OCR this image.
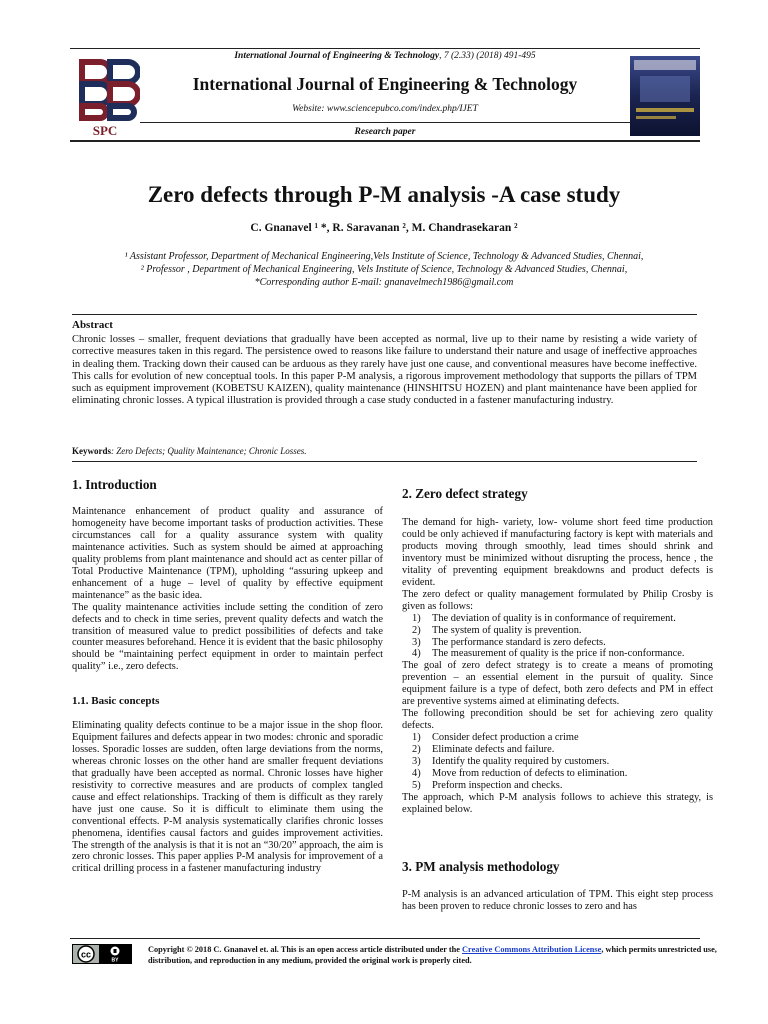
International Journal of Engineering & Technology, 7 (2.33) (2018) 491-495
SPC
International Journal of Engineering & Technology
Website: www.sciencepubco.com/index.php/IJET
Research paper
Zero defects through P-M analysis -A case study
C. Gnanavel ¹ *, R. Saravanan ², M. Chandrasekaran ²
¹ Assistant Professor, Department of Mechanical Engineering,Vels Institute of Science, Technology & Advanced Studies, Chennai,
² Professor , Department of Mechanical Engineering, Vels Institute of Science, Technology & Advanced Studies, Chennai,
*Corresponding author E-mail: gnanavelmech1986@gmail.com
Abstract
Chronic losses – smaller, frequent deviations that gradually have been accepted as normal, live up to their name by resisting a wide variety of corrective measures taken in this regard. The persistence owed to reasons like failure to understand their nature and usage of ineffective approaches in dealing them. Tracking down their caused can be arduous as they rarely have just one cause, and conventional measures have become ineffective. This calls for evolution of new conceptual tools. In this paper P-M analysis, a rigorous improvement methodology that supports the pillars of TPM such as equipment improvement (KOBETSU KAIZEN), quality maintenance (HINSHITSU HOZEN) and plant maintenance have been applied for eliminating chronic losses. A typical illustration is provided through a case study conducted in a fastener manufacturing industry.
Keywords: Zero Defects; Quality Maintenance; Chronic Losses.
1. Introduction

Maintenance enhancement of product quality and assurance of homogeneity have become important tasks of production activities. These circumstances call for a quality assurance system with quality maintenance activities. Such as system should be aimed at approaching quality problems from plant maintenance and should act as center pillar of Total Productive Maintenance (TPM), upholding “assuring upkeep and enhancement of a huge – level of quality by effective equipment maintenance” as the basic idea.

The quality maintenance activities include setting the condition of zero defects and to check in time series, prevent quality defects and watch the transition of measured value to predict possibilities of defects and take counter measures beforehand. Hence it is evident that the basic philosophy should be “maintaining perfect equipment in order to maintain perfect quality” i.e., zero defects.

1.1. Basic concepts

Eliminating quality defects continue to be a major issue in the shop floor. Equipment failures and defects appear in two modes: chronic and sporadic losses. Sporadic losses are sudden, often large deviations from the norms, whereas chronic losses on the other hand are smaller frequent deviations that gradually have been accepted as normal. Chronic losses have higher resistivity to corrective measures and are products of complex tangled cause and effect relationships. Tracking of them is difficult as they rarely have just one cause. So it is difficult to eliminate them using the conventional effects. P-M analysis systematically clarifies chronic losses phenomena, identifies causal factors and guides improvement activities. The strength of the analysis is that it is not an “30/20” approach, the aim is zero chronic losses. This paper applies P-M analysis for improvement of a critical drilling process in a fastener manufacturing industry

2. Zero defect strategy

The demand for high- variety, low- volume short feed time production could be only achieved if manufacturing factory is kept with materials and products moving through smoothly, lead times should shrink and inventory must be minimized without disrupting the process, hence , the vitality of preventing equipment breakdowns and product defects is evident.

The zero defect or quality management formulated by Philip Crosby is given as follows:

1) The deviation of quality is in conformance of requirement.
2) The system of quality is prevention.
3) The performance standard is zero defects.
4) The measurement of quality is the price if non-conformance.

The goal of zero defect strategy is to create a means of promoting prevention – an essential element in the pursuit of quality. Since equipment failure is a type of defect, both zero defects and PM in effect are preventive systems aimed at eliminating defects.

The following precondition should be set for achieving zero quality defects.

1) Consider defect production a crime
2) Eliminate defects and failure.
3) Identify the quality required by customers.
4) Move from reduction of defects to elimination.
5) Preform inspection and checks.

The approach, which P-M analysis follows to achieve this strategy, is explained below.

3. PM analysis methodology

P-M analysis is an advanced articulation of TPM. This eight step process has been proven to reduce chronic losses to zero and has

cc
BY
Copyright © 2018 C. Gnanavel et. al. This is an open access article distributed under the Creative Commons Attribution License, which permits unrestricted use, distribution, and reproduction in any medium, provided the original work is properly cited.
